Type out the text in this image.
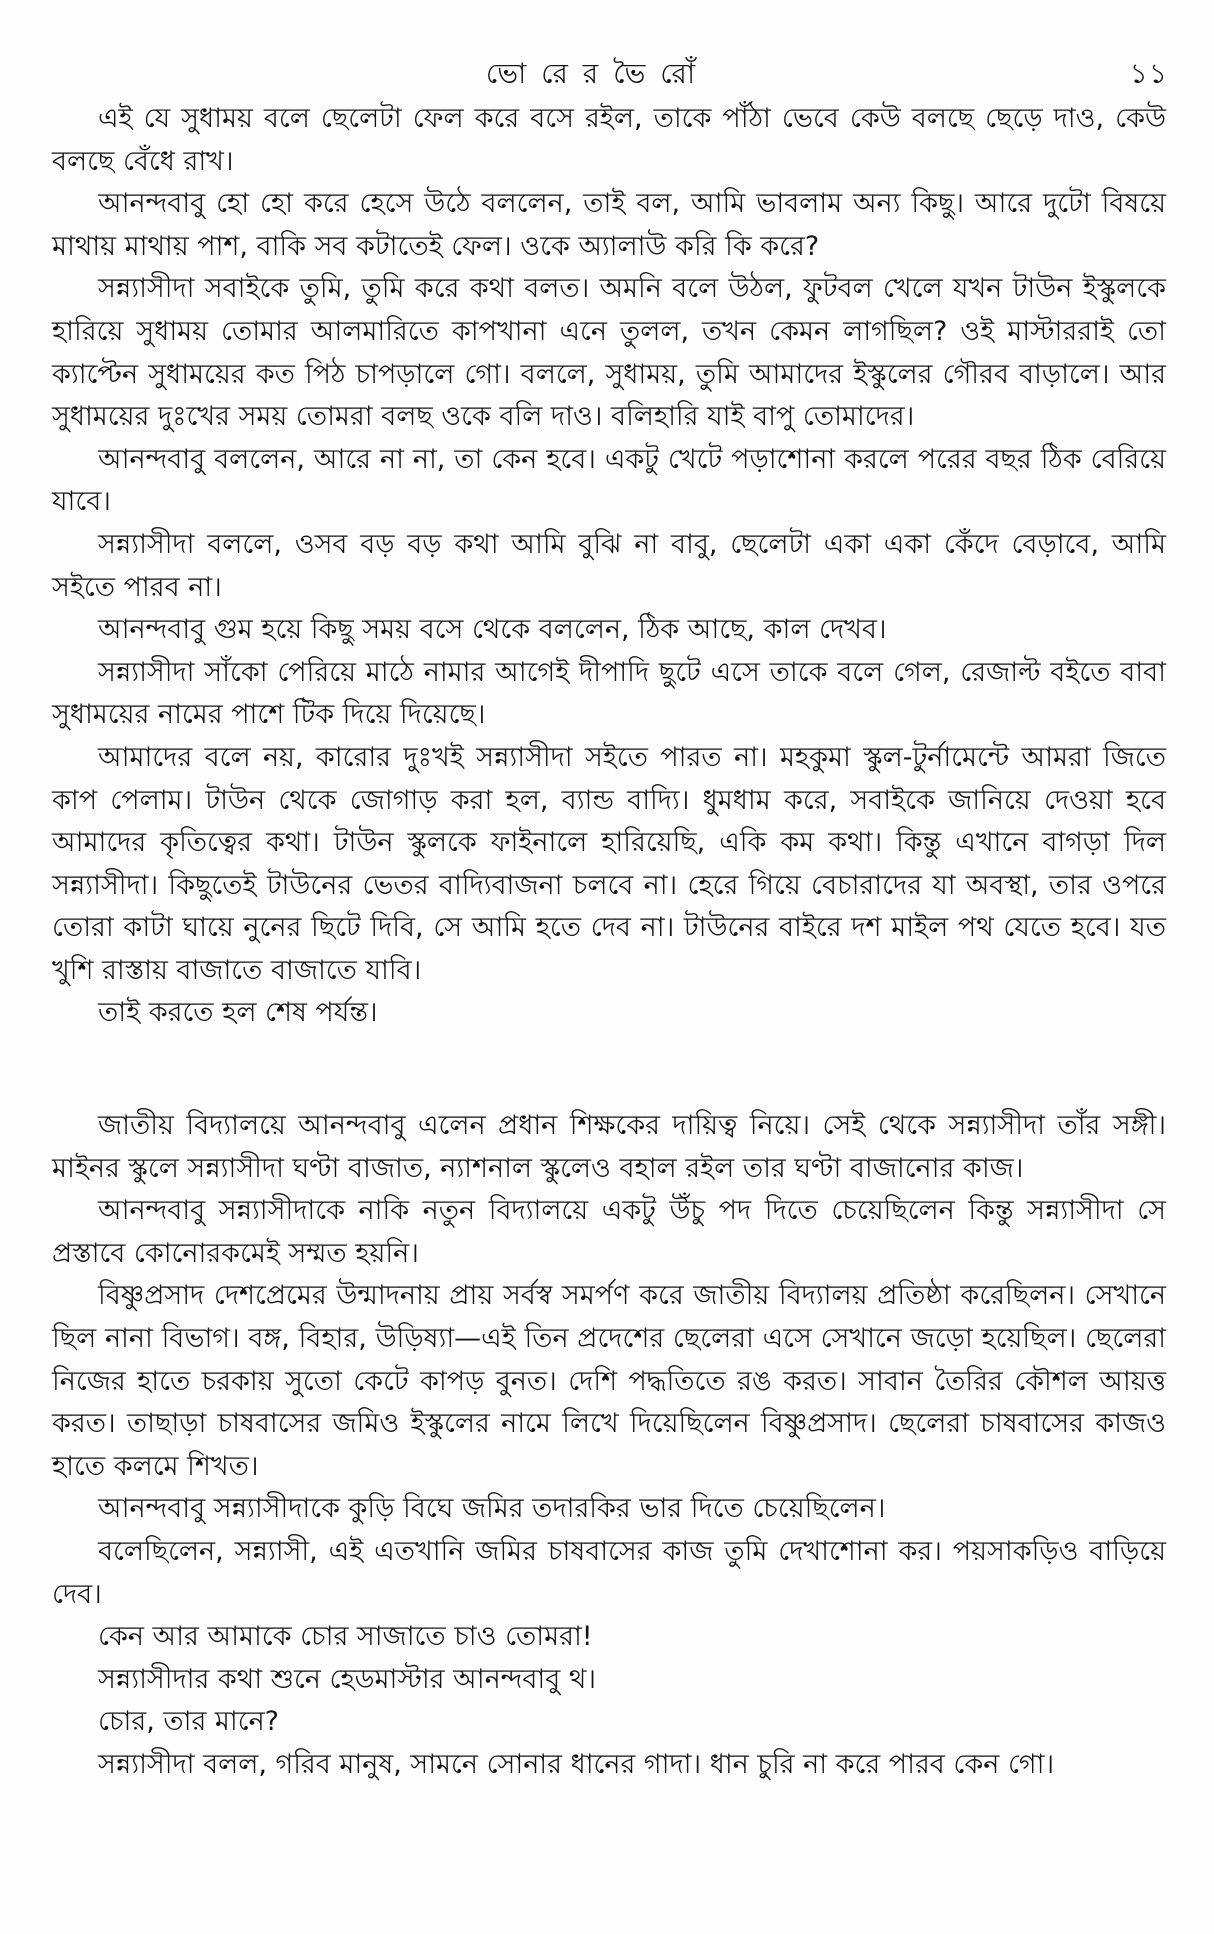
ভো রে র ভৈ রোঁ	১১

এই যে সুধাময় বলে ছেলেটা ফেল করে বসে রইল, তাকে পাঁঠা ভেবে কেউ বলছে ছেড়ে দাও, কেউ বলছে বেঁধে রাখ।

আনন্দবাবু হো হো করে হেসে উঠে বললেন, তাই বল, আমি ভাবলাম অন্য কিছু। আরে দুটো বিষয়ে মাথায় মাথায় পাশ, বাকি সব কটাতেই ফেল। ওকে অ্যালাউ করি কি করে?

সন্ন্যাসীদা সবাইকে তুমি, তুমি করে কথা বলত। অমনি বলে উঠল, ফুটবল খেলে যখন টাউন ইস্কুলকে হারিয়ে সুধাময় তোমার আলমারিতে কাপখানা এনে তুলল, তখন কেমন লাগছিল? ওই মাস্টাররাই তো ক্যাপ্টেন সুধাময়ের কত পিঠ চাপড়ালে গো। বললে, সুধাময়, তুমি আমাদের ইস্কুলের গৌরব বাড়ালে। আর সুধাময়ের দুঃখের সময় তোমরা বলছ ওকে বলি দাও। বলিহারি যাই বাপু তোমাদের।

আনন্দবাবু বললেন, আরে না না, তা কেন হবে। একটু খেটে পড়াশোনা করলে পরের বছর ঠিক বেরিয়ে যাবে।

সন্ন্যাসীদা বললে, ওসব বড় বড় কথা আমি বুঝি না বাবু, ছেলেটা একা একা কেঁদে বেড়াবে, আমি সইতে পারব না।

আনন্দবাবু গুম হয়ে কিছু সময় বসে থেকে বললেন, ঠিক আছে, কাল দেখব।

সন্ন্যাসীদা সাঁকো পেরিয়ে মাঠে নামার আগেই দীপাদি ছুটে এসে তাকে বলে গেল, রেজাল্ট বইতে বাবা সুধাময়ের নামের পাশে টিক দিয়ে দিয়েছে।

আমাদের বলে নয়, কারোর দুঃখই সন্ন্যাসীদা সইতে পারত না। মহকুমা স্কুল-টুর্নামেন্টে আমরা জিতে কাপ পেলাম। টাউন থেকে জোগাড় করা হল, ব্যান্ড বাদ্যি। ধুমধাম করে, সবাইকে জানিয়ে দেওয়া হবে আমাদের কৃতিত্বের কথা। টাউন স্কুলকে ফাইনালে হারিয়েছি, একি কম কথা। কিন্তু এখানে বাগড়া দিল সন্ন্যাসীদা। কিছুতেই টাউনের ভেতর বাদ্যিবাজনা চলবে না। হেরে গিয়ে বেচারাদের যা অবস্থা, তার ওপরে তোরা কাটা ঘায়ে নুনের ছিটে দিবি, সে আমি হতে দেব না। টাউনের বাইরে দশ মাইল পথ যেতে হবে। যত খুশি রাস্তায় বাজাতে বাজাতে যাবি।

তাই করতে হল শেষ পর্যন্ত।

জাতীয় বিদ্যালয়ে আনন্দবাবু এলেন প্রধান শিক্ষকের দায়িত্ব নিয়ে। সেই থেকে সন্ন্যাসীদা তাঁর সঙ্গী। মাইনর স্কুলে সন্ন্যাসীদা ঘণ্টা বাজাত, ন্যাশনাল স্কুলেও বহাল রইল তার ঘণ্টা বাজানোর কাজ।

আনন্দবাবু সন্ন্যাসীদাকে নাকি নতুন বিদ্যালয়ে একটু উঁচু পদ দিতে চেয়েছিলেন কিন্তু সন্ন্যাসীদা সে প্রস্তাবে কোনোরকমেই সম্মত হয়নি।

বিষ্ণুপ্রসাদ দেশপ্রেমের উন্মাদনায় প্রায় সর্বস্ব সমর্পণ করে জাতীয় বিদ্যালয় প্রতিষ্ঠা করেছিলন। সেখানে ছিল নানা বিভাগ। বঙ্গ, বিহার, উড়িষ্যা—এই তিন প্রদেশের ছেলেরা এসে সেখানে জড়ো হয়েছিল। ছেলেরা নিজের হাতে চরকায় সুতো কেটে কাপড় বুনত। দেশি পদ্ধতিতে রঙ করত। সাবান তৈরির কৌশল আয়ত্ত করত। তাছাড়া চাষবাসের জমিও ইস্কুলের নামে লিখে দিয়েছিলেন বিষ্ণুপ্রসাদ। ছেলেরা চাষবাসের কাজও হাতে কলমে শিখত।

আনন্দবাবু সন্ন্যাসীদাকে কুড়ি বিঘে জমির তদারকির ভার দিতে চেয়েছিলেন।

বলেছিলেন, সন্ন্যাসী, এই এতখানি জমির চাষবাসের কাজ তুমি দেখাশোনা কর। পয়সাকড়িও বাড়িয়ে দেব।

কেন আর আমাকে চোর সাজাতে চাও তোমরা!

সন্ন্যাসীদার কথা শুনে হেডমাস্টার আনন্দবাবু থ।

চোর, তার মানে?

সন্ন্যাসীদা বলল, গরিব মানুষ, সামনে সোনার ধানের গাদা। ধান চুরি না করে পারব কেন গো।
